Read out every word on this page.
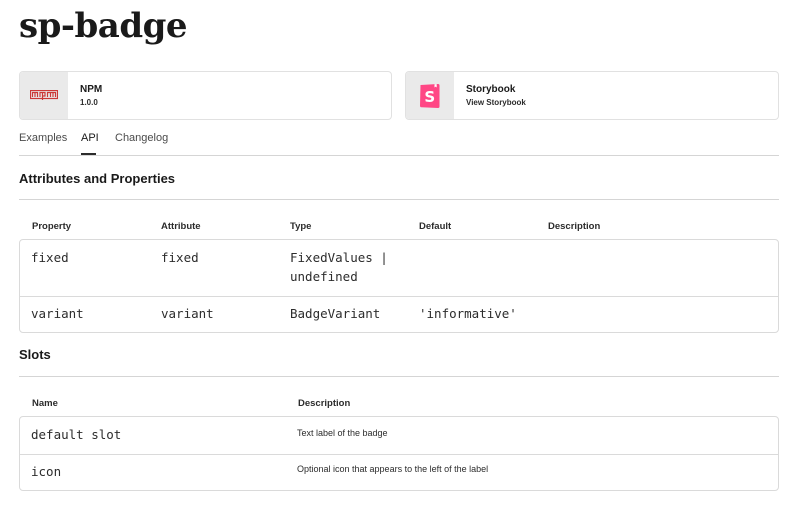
sp-badge
NPM
1.0.0	S	Storybook
View Storybook
Examples API Changelog
Attributes and Properties
Property	Attribute	Type	Default	Description
fixed	fixed	FixedValues |
undefined
variant	variant	BadgeVariant	'informative'
Slots
Name	Description
default slot	Text label of the badge
icon	Optional icon that appears to the left of the label
